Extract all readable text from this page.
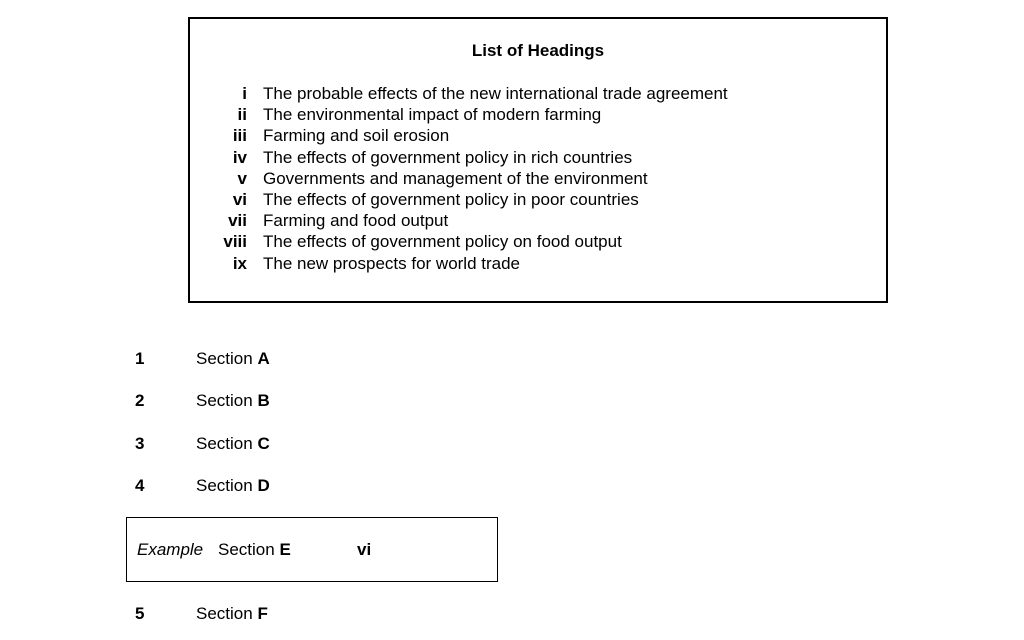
List of Headings
i The probable effects of the new international trade agreement
ii The environmental impact of modern farming
iii Farming and soil erosion
iv The effects of government policy in rich countries
v Governments and management of the environment
vi The effects of government policy in poor countries
vii Farming and food output
viii The effects of government policy on food output
ix The new prospects for world trade
1	Section A
2	Section B
3	Section C
4	Section D
Example Section E	vi
5	Section F
